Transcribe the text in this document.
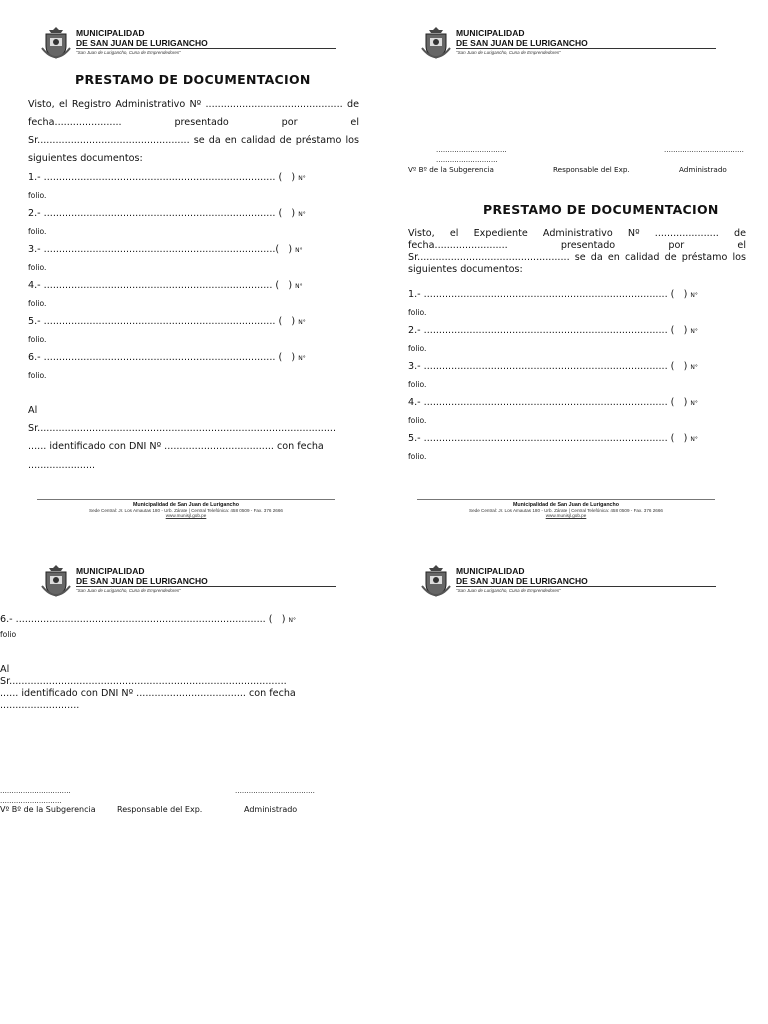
MUNICIPALIDAD
DE SAN JUAN DE LURIGANCHO
"San Juan de Lurigancho, Cuna de Emprendedores"
MUNICIPALIDAD
DE SAN JUAN DE LURIGANCHO
"San Juan de Lurigancho, Cuna de Emprendedores"
PRESTAMO DE DOCUMENTACION
Visto, el Registro Administrativo Nº ............................................. de fecha...................... presentado por el Sr.................................................. se da en calidad de préstamo los siguientes documentos:
1.- ............................................................................ ( ) N°
folio.
2.- ............................................................................ ( ) N°
folio.
3.- ............................................................................( ) N°
folio.
4.- ........................................................................... ( ) N°
folio.
5.- ............................................................................ ( ) N°
folio.
6.- ............................................................................ ( ) N°
folio.
Al
Sr..................................................................................................
...... identificado con DNI Nº .................................... con fecha
......................
Municipalidad de San Juan de Lurigancho
Sede Central: Jr. Los Amautas 180 - Urb. Zárate | Central Telefónica: 458 0509 - Fax. 376 2666
www.munisjl.gob.pe
...............................	...................................
...........................
Vº Bº de la Subgerencia	Responsable del Exp.	Administrado
PRESTAMO DE DOCUMENTACION
Visto, el Expediente Administrativo Nº ..................... de fecha........................ presentado por el Sr.................................................. se da en calidad de préstamo los siguientes documentos:
1.- ................................................................................ ( ) N°
folio.
2.- ................................................................................ ( ) N°
folio.
3.- ................................................................................ ( ) N°
folio.
4.- ................................................................................ ( ) N°
folio.
5.- ................................................................................ ( ) N°
folio.
Municipalidad de San Juan de Lurigancho
Sede Central: Jr. Los Amautas 180 - Urb. Zárate | Central Telefónica: 458 0509 - Fax. 376 2666
www.munisjl.gob.pe
MUNICIPALIDAD
DE SAN JUAN DE LURIGANCHO
"San Juan de Lurigancho, Cuna de Emprendedores"
MUNICIPALIDAD
DE SAN JUAN DE LURIGANCHO
"San Juan de Lurigancho, Cuna de Emprendedores"
6.- .................................................................................. ( ) N°
folio
Al
Sr...........................................................................................
...... identificado con DNI Nº .................................... con fecha
..........................
...............................	...................................
...........................
Vº Bº de la Subgerencia	Responsable del Exp.	Administrado
